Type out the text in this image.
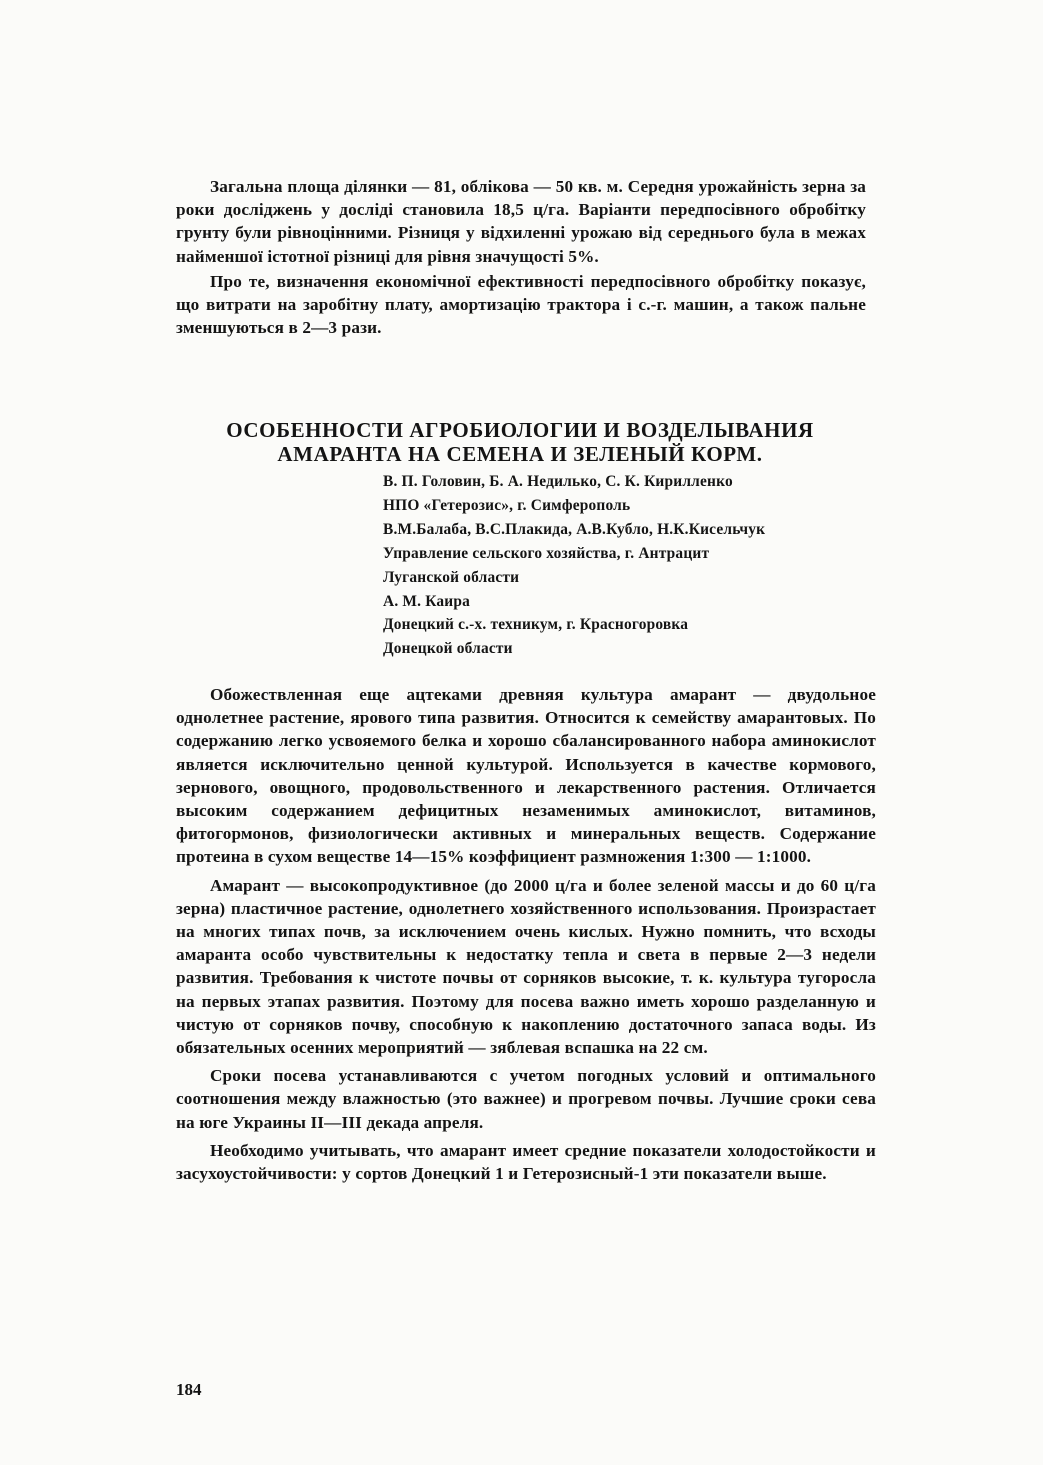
Загальна площа ділянки — 81, облікова — 50 кв. м. Середня урожайність зерна за роки досліджень у досліді становила 18,5 ц/га. Варіанти передпосівного обробітку грунту були рівноцінними. Різниця у відхиленні урожаю від середнього була в межах найменшої істотної різниці для рівня значущості 5%.

Про те, визначення економічної ефективності передпосівного обробітку показує, що витрати на заробітну плату, амортизацію трактора і с.-г. машин, а також пальне зменшуються в 2—3 рази.

ОСОБЕННОСТИ АГРОБИОЛОГИИ И ВОЗДЕЛЫВАНИЯ
АМАРАНТА НА СЕМЕНА И ЗЕЛЕНЫЙ КОРМ.
В. П. Головин, Б. А. Недилько, С. К. Кирилленко
НПО «Гетерозис», г. Симферополь
В.М.Балаба, В.С.Плакида, А.В.Кубло, Н.К.Кисельчук
Управление сельского хозяйства, г. Антрацит
Луганской области
А. М. Каира
Донецкий с.-х. техникум, г. Красногоровка
Донецкой области

Обожествленная еще ацтеками древняя культура амарант — двудольное однолетнее растение, ярового типа развития. Относится к семейству амарантовых. По содержанию легко усвояемого белка и хорошо сбалансированного набора аминокислот является исключительно ценной культурой. Используется в качестве кормового, зернового, овощного, продовольственного и лекарственного растения. Отличается высоким содержанием дефицитных незаменимых аминокислот, витаминов, фитогормонов, физиологически активных и минеральных веществ. Содержание протеина в сухом веществе 14—15% коэффициент размножения 1:300 — 1:1000.

Амарант — высокопродуктивное (до 2000 ц/га и более зеленой массы и до 60 ц/га зерна) пластичное растение, однолетнего хозяйственного использования. Произрастает на многих типах почв, за исключением очень кислых. Нужно помнить, что всходы амаранта особо чувствительны к недостатку тепла и света в первые 2—3 недели развития. Требования к чистоте почвы от сорняков высокие, т. к. культура тугоросла на первых этапах развития. Поэтому для посева важно иметь хорошо разделанную и чистую от сорняков почву, способную к накоплению достаточного запаса воды. Из обязательных осенних мероприятий — зяблевая вспашка на 22 см.

Сроки посева устанавливаются с учетом погодных условий и оптимального соотношения между влажностью (это важнее) и прогревом почвы. Лучшие сроки сева на юге Украины II—III декада апреля.

Необходимо учитывать, что амарант имеет средние показатели холодостойкости и засухоустойчивости: у сортов Донецкий 1 и Гетерозисный-1 эти показатели выше.

184
